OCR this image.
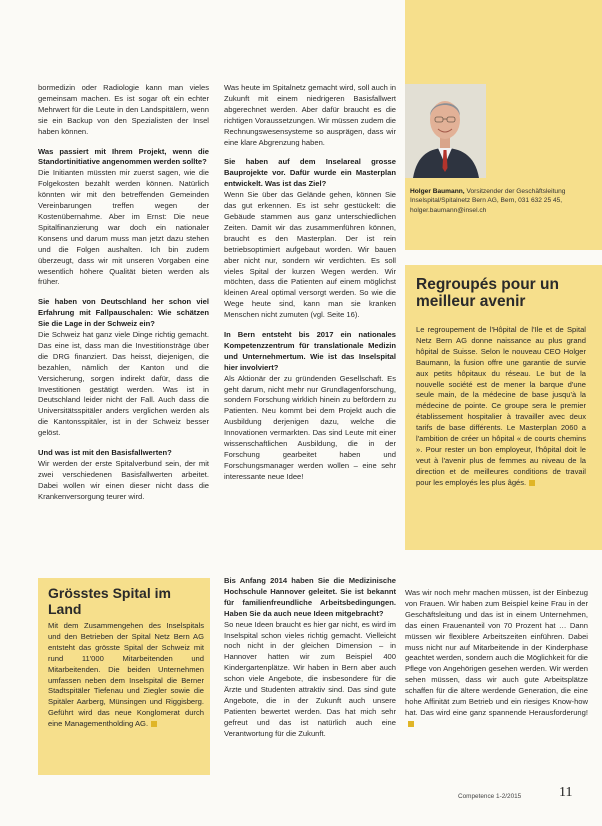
bormedizin oder Radiologie kann man vieles gemeinsam machen. Es ist sogar oft ein echter Mehrwert für die Leute in den Landspitälern, wenn sie ein Backup von den Spezialisten der Insel haben können.

Was passiert mit Ihrem Projekt, wenn die Standortinitiative angenommen werden sollte?

Die Initianten müssten mir zuerst sagen, wie die Folgekosten bezahlt werden können. Natürlich könnten wir mit den betreffenden Gemeinden Vereinbarungen treffen wegen der Kostenübernahme. Aber im Ernst: Die neue Spitalfinanzierung war doch ein nationaler Konsens und darum muss man jetzt dazu stehen und die Folgen aushalten. Ich bin zudem überzeugt, dass wir mit unseren Vorgaben eine wesentlich höhere Qualität bieten werden als früher.

Sie haben von Deutschland her schon viel Erfahrung mit Fallpauschalen: Wie schätzen Sie die Lage in der Schweiz ein?

Die Schweiz hat ganz viele Dinge richtig gemacht. Das eine ist, dass man die Investitionsträge über die DRG finanziert. Das heisst, diejenigen, die bezahlen, nämlich der Kanton und die Versicherung, sorgen indirekt dafür, dass die Investitionen gestätigt werden. Was ist in Deutschland leider nicht der Fall. Auch dass die Universitätsspitäler anders verglichen werden als die Kantonsspitäler, ist in der Schweiz besser gelöst.

Und was ist mit den Basisfallwerten?

Wir werden der erste Spitalverbund sein, der mit zwei verschiedenen Basisfallwerten arbeitet. Dabei wollen wir einen dieser nicht dass die Krankenversorgung teurer wird.

Was heute im Spitalnetz gemacht wird, soll auch in Zukunft mit einem niedrigeren Basisfallwert abgerechnet werden. Aber dafür braucht es die richtigen Voraussetzungen. Wir müssen zudem die Rechnungswesensysteme so ausprägen, dass wir eine klare Abgrenzung haben.

Sie haben auf dem Inselareal grosse Bauprojekte vor. Dafür wurde ein Masterplan entwickelt. Was ist das Ziel?

Wenn Sie über das Gelände gehen, können Sie das gut erkennen. Es ist sehr gestückelt: die Gebäude stammen aus ganz unterschiedlichen Zeiten. Damit wir das zusammenführen können, braucht es den Masterplan. Der ist rein betriebsoptimiert aufgebaut worden. Wir bauen aber nicht nur, sondern wir verdichten. Es soll vieles Spital der kurzen Wegen werden. Wir möchten, dass die Patienten auf einem möglichst kleinen Areal optimal versorgt werden. So wie die Wege heute sind, kann man sie kranken Menschen nicht zumuten (vgl. Seite 16).

In Bern entsteht bis 2017 ein nationales Kompetenzzentrum für translationale Medizin und Unternehmertum. Wie ist das Inselspital hier involviert?

Als Aktionär der zu gründenden Gesellschaft. Es geht darum, nicht mehr nur Grundlagenforschung, sondern Forschung wirklich hinein zu befördern zu Patienten. Neu kommt bei dem Projekt auch die Ausbildung derjenigen dazu, welche die Innovationen vermarkten. Das sind Leute mit einer wissenschaftlichen Ausbildung, die in der Forschung gearbeitet haben und Forschungsmanager werden wollen – eine sehr interessante neue Idee!

Holger Baumann, Vorsitzender der Geschäftsleitung Inselspital/Spitalnetz Bern AG, Bern, 031 632 25 45, holger.baumann@insel.ch
Regroupés pour un meilleur avenir
Le regroupement de l'Hôpital de l'Ile et de Spital Netz Bern AG donne naissance au plus grand hôpital de Suisse. Selon le nouveau CEO Holger Baumann, la fusion offre une garantie de survie aux petits hôpitaux du réseau. Le but de la nouvelle société est de mener la barque d'une seule main, de la médecine de base jusqu'à la médecine de pointe. Ce groupe sera le premier établissement hospitalier à travailler avec deux tarifs de base différents. Le Masterplan 2060 a l'ambition de créer un hôpital « de courts chemins ». Pour rester un bon employeur, l'hôpital doit le veut à l'avenir plus de femmes au niveau de la direction et de meilleures conditions de travail pour les employés les plus âgés.
Grösstes Spital im Land
Mit dem Zusammengehen des Inselspitals und den Betrieben der Spital Netz Bern AG entsteht das grösste Spital der Schweiz mit rund 11'000 Mitarbeitenden und Mitarbeitenden. Die beiden Unternehmen umfassen neben dem Inselspital die Berner Stadtspitäler Tiefenau und Ziegler sowie die Spitäler Aarberg, Münsingen und Riggisberg. Geführt wird das neue Konglomerat durch eine Managementholding AG.
Bis Anfang 2014 haben Sie die Medizinische Hochschule Hannover geleitet. Sie ist bekannt für familienfreundliche Arbeitsbedingungen. Haben Sie da auch neue Ideen mitgebracht?
So neue Ideen braucht es hier gar nicht, es wird im Inselspital schon vieles richtig gemacht. Vielleicht noch nicht in der gleichen Dimension – in Hannover hatten wir zum Beispiel 400 Kindergartenplätze. Wir haben in Bern aber auch schon viele Angebote, die insbesondere für die Ärzte und Studenten attraktiv sind. Das sind gute Angebote, die in der Zukunft auch unsere Patienten bewertet werden. Das hat mich sehr gefreut und das ist natürlich auch eine Verantwortung für die Zukunft.
Was wir noch mehr machen müssen, ist der Einbezug von Frauen. Wir haben zum Beispiel keine Frau in der Geschäftsleitung und das ist in einem Unternehmen, das einen Frauenanteil von 70 Prozent hat … Dann müssen wir flexiblere Arbeitszeiten einführen. Dabei muss nicht nur auf Mitarbeitende in der Kinderphase geachtet werden, sondern auch die Möglichkeit für die Pflege von Angehörigen gesehen werden. Wir werden sehen müssen, dass wir auch gute Arbeitsplätze schaffen für die ältere werdende Generation, die eine hohe Affinität zum Betrieb und ein riesiges Know-how hat. Das wird eine ganz spannende Herausforderung!
Competence 1-2/2015	11
